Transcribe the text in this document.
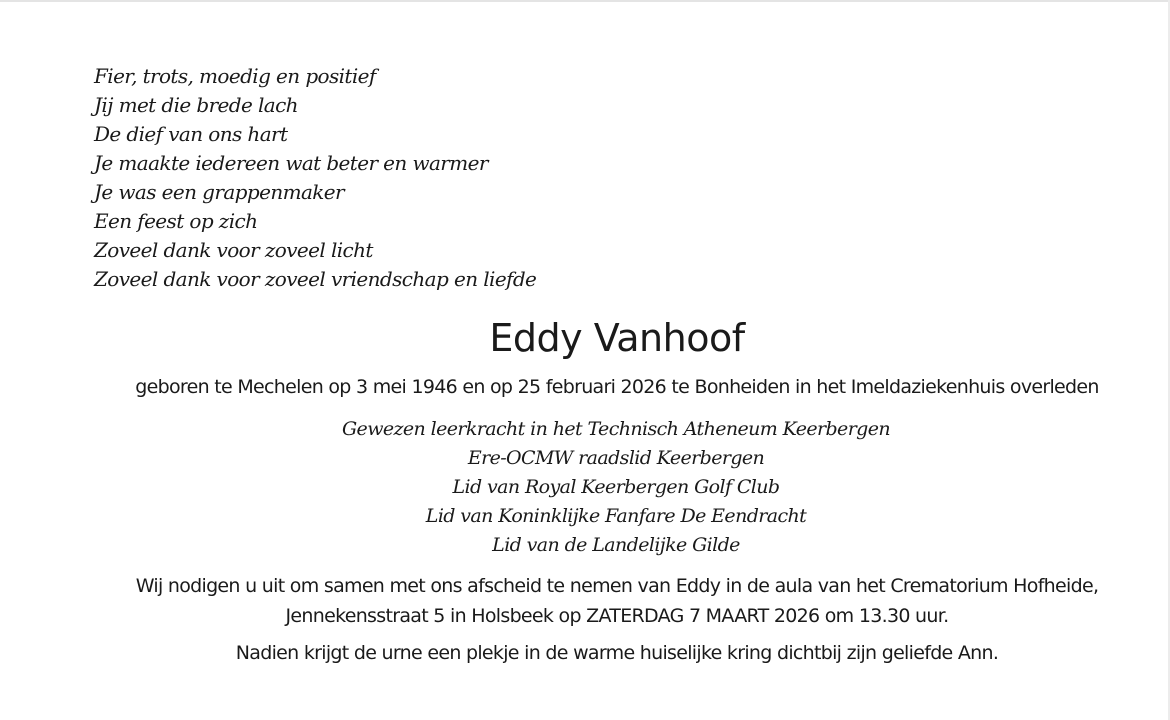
Fier, trots, moedig en positief
Jij met die brede lach
De dief van ons hart
Je maakte iedereen wat beter en warmer
Je was een grappenmaker
Een feest op zich
Zoveel dank voor zoveel licht
Zoveel dank voor zoveel vriendschap en liefde
Eddy Vanhoof
geboren te Mechelen op 3 mei 1946 en op 25 februari 2026 te Bonheiden in het Imeldaziekenhuis overleden
Gewezen leerkracht in het Technisch Atheneum Keerbergen
Ere-OCMW raadslid Keerbergen
Lid van Royal Keerbergen Golf Club
Lid van Koninklijke Fanfare De Eendracht
Lid van de Landelijke Gilde
Wij nodigen u uit om samen met ons afscheid te nemen van Eddy in de aula van het Crematorium Hofheide,
Jennekensstraat 5 in Holsbeek op ZATERDAG 7 MAART 2026 om 13.30 uur.
Nadien krijgt de urne een plekje in de warme huiselijke kring dichtbij zijn geliefde Ann.
